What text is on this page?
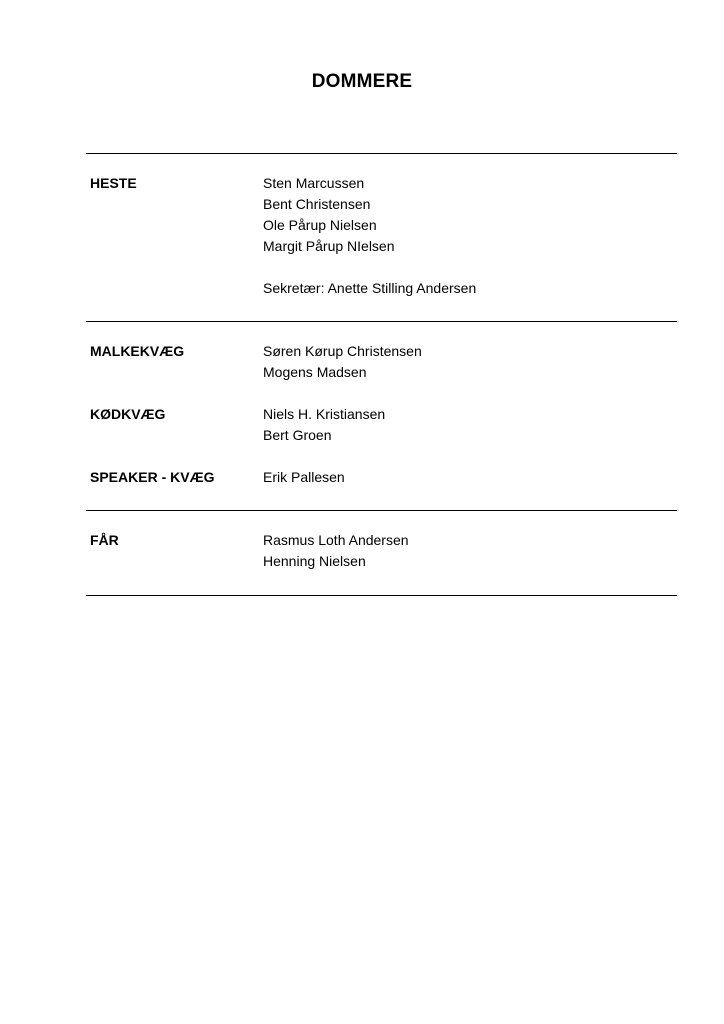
DOMMERE
HESTE	Sten Marcussen
Bent Christensen
Ole Pårup Nielsen
Margit Pårup NIelsen
Sekretær: Anette Stilling Andersen
MALKEKVÆG	Søren Kørup Christensen
Mogens Madsen
KØDKVÆG	Niels H. Kristiansen
Bert Groen
SPEAKER - KVÆG	Erik Pallesen
FÅR	Rasmus Loth Andersen
Henning Nielsen
